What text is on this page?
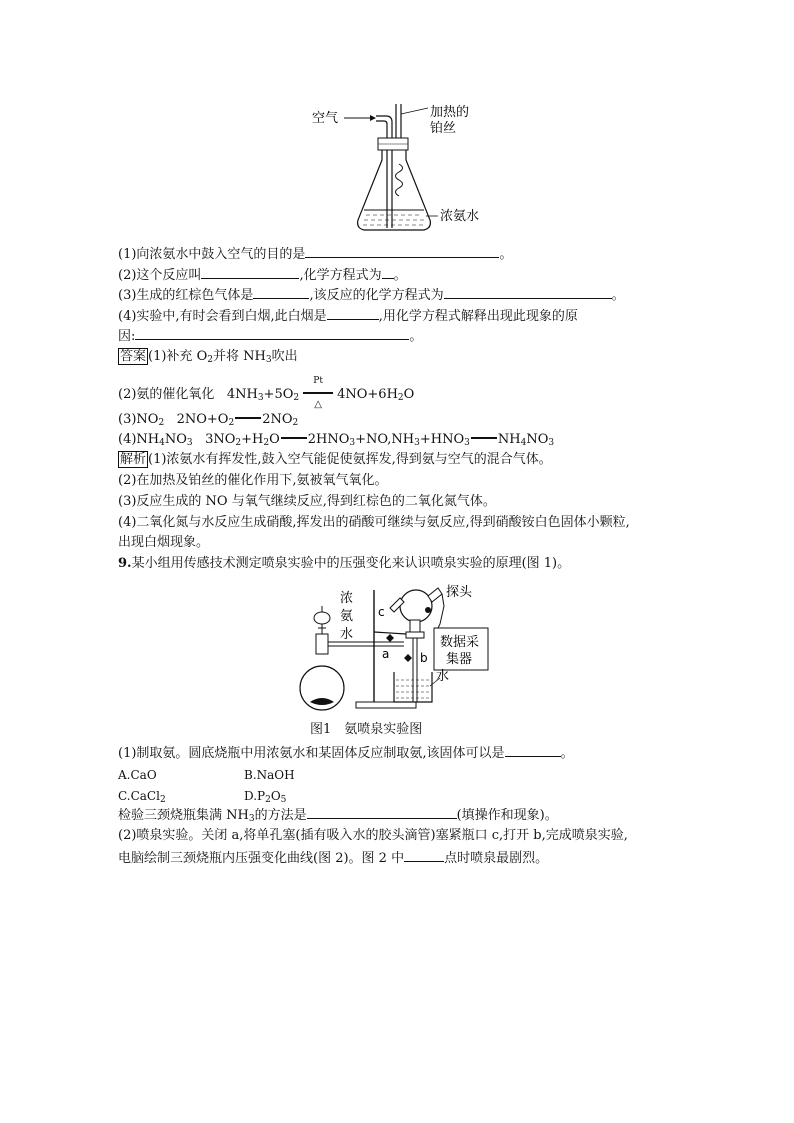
空气	加热的
铂丝
浓氨水
(1)向浓氨水中鼓入空气的目的是	。
(2)这个反应叫	,化学方程式为 。
(3)生成的红棕色气体是	,该反应的化学方程式为	。
(4)实验中,有时会看到白烟,此白烟是	,用化学方程式解释出现此现象的原
因:	。
答案 (1)补充 $O_2$并将 $NH_3$吹出
(2)氨的催化氧化 $4NH_3+5O_2$
Pt
△
$4NO+6H_2O$
$(3)NO_2$ $2NO+O_2$ $2NO_2$
$(4)NH_4NO_3$ $3NO_2+H_2O$ $2HNO_3+NO,NH_3+HNO_3$ $NH_4NO_3$
解析 (1)浓氨水有挥发性,鼓入空气能促使氨挥发,得到氨与空气的混合气体。
(2)在加热及铂丝的催化作用下,氨被氧气氧化。
(3)反应生成的 NO 与氧气继续反应,得到红棕色的二氧化氮气体。
(4)二氧化氮与水反应生成硝酸,挥发出的硝酸可继续与氨反应,得到硝酸铵白色固体小颗粒,
出现白烟现象。
9.某小组用传感技术测定喷泉实验中的压强变化来认识喷泉实验的原理(图 1)。
c
探头
数据采
集器
b
水
浓
氨
水
a
图1　氨喷泉实验图
(1)制取氨。圆底烧瓶中用浓氨水和某固体反应制取氨,该固体可以是	。
A.CaO	B.NaOH
C.CaCl$_2$	$D.P_2O_5$
检验三颈烧瓶集满 $NH_3$的方法是	(填操作和现象)。
(2)喷泉实验。关闭 a,将单孔塞(插有吸入水的胶头滴管)塞紧瓶口 c,打开 b,完成喷泉实验,
电脑绘制三颈烧瓶内压强变化曲线(图 2)。图 2 中	点时喷泉最剧烈。
